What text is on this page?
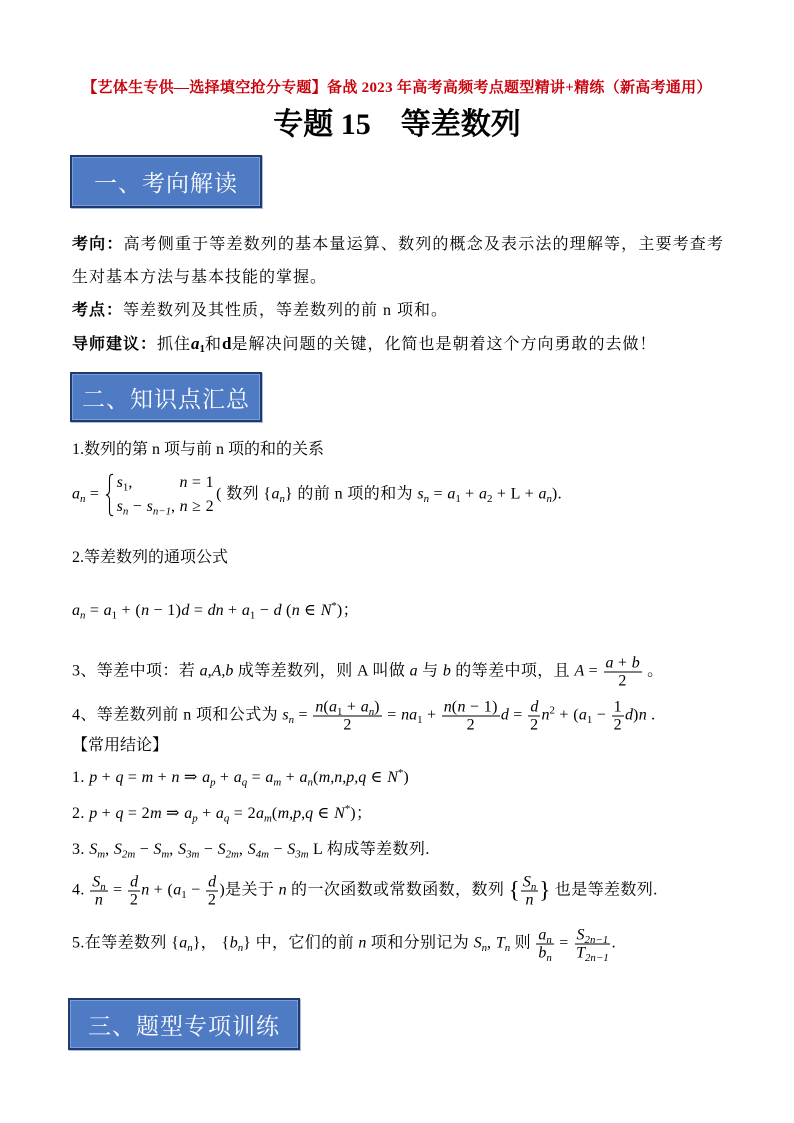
【艺体生专供—选择填空抢分专题】备战 2023 年高考高频考点题型精讲+精练（新高考通用）
专题 15　等差数列
一、考向解读

考向：高考侧重于等差数列的基本量运算、数列的概念及表示法的理解等，主要考查考生对基本方法与基本技能的掌握。

考点：等差数列及其性质，等差数列的前 n 项和。

导师建议：抓住a1和d是解决问题的关键，化简也是朝着这个方向勇敢的去做！

二、知识点汇总
1.数列的第 n 项与前 n 项的和的关系
$a_n$ =
$s_1$,	n = 1
$s_n - s_{n-1}$, n ≥ 2
( 数列 $\{a_n\}$ 的前 n 项的和为 $s_n = a_1 + a_2 + L + a_n$).
2.等差数列的通项公式
$a_n = a_1 + (n - 1)d$ = dn + $a_1 - d$ (n ∈ N*)；
3、等差中项：若 a,A,b 成等差数列，则 A 叫做 a 与 b 的等差中项，且 $A = \frac{a + b}{2}$ 。
4、等差数列前 n 项和公式为 $s_n = \frac{n(a_1 + a_n)}{2} = na_1 + \frac{n(n - 1)}{2}$ $d = \frac{d}{2} n^2 + (a_1 - \frac{1}{2} d)n$ .
【常用结论】
1. p + q = m + n ⇒ $a_p + a_q = a_m + a_n(m,n,p,q$ ∈ N*)
2. p + q = 2m ⇒ $a_p + a_q = 2a_m(m,p,q$ ∈ N*)；
3. $S_m$, $S_{2m} - S_m$, $S_{3m} - S_{2m}$, $S_{4m} - S_{3m}$ L 构成等差数列.
4. $\frac{S_n}{n} = \frac{d}{2}$ $n + (a_1 - \frac{d}{2}$ )是关于 n 的一次函数或常数函数，数列 { $\frac{S_n}{n}$ } 也是等差数列.
5.在等差数列 $\{a_n\}$， $\{b_n\}$ 中，它们的前 n 项和分别记为 $S_n$, $T_n$ 则 $\frac{a_n}{b_n} = \frac{S_{2n-1}}{T_{2n-1}}$ .
三、题型专项训练
